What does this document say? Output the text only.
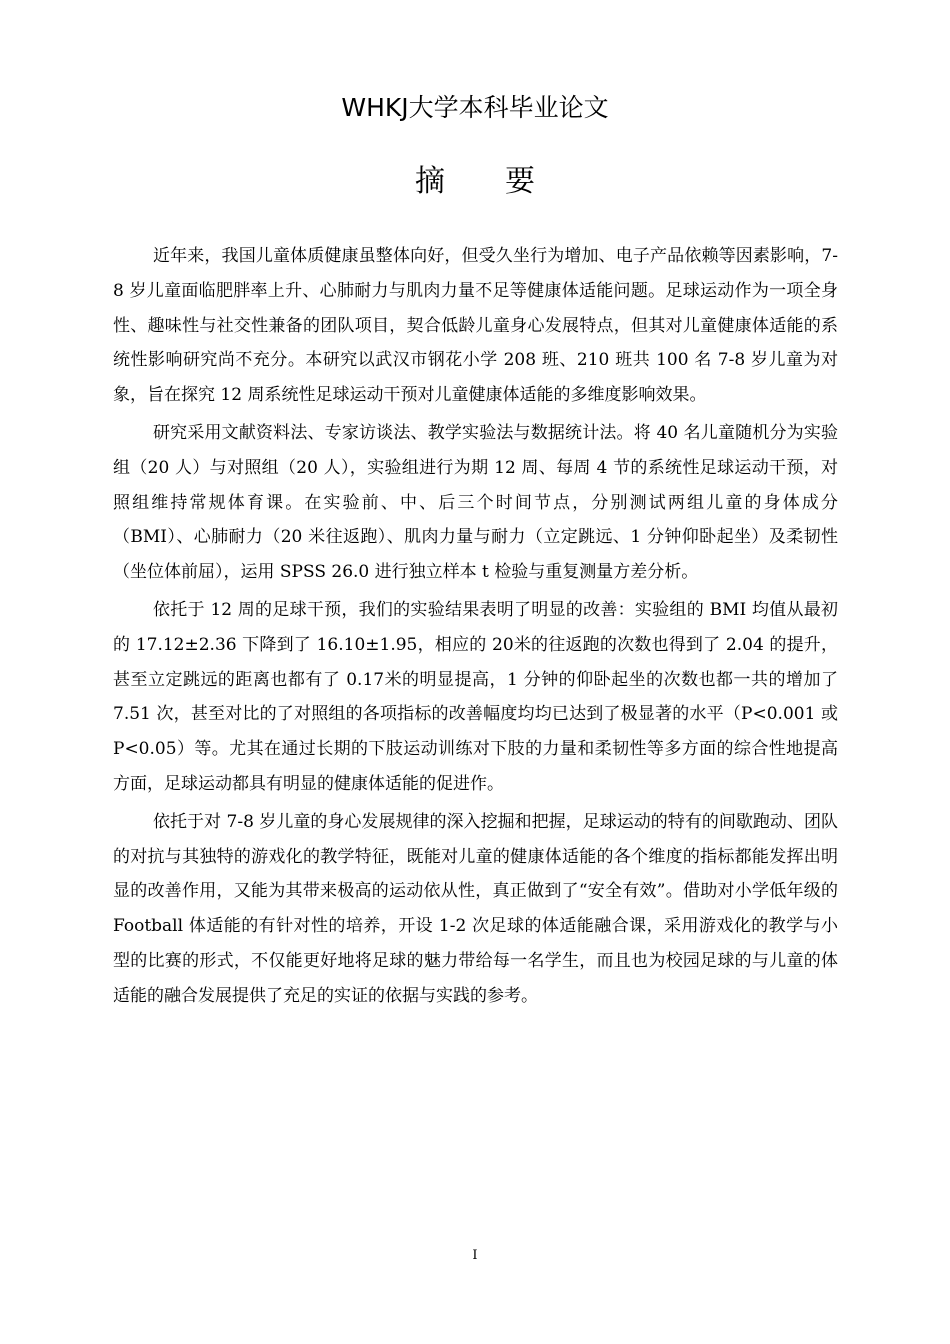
WHKJ大学本科毕业论文
摘要

近年来，我国儿童体质健康虽整体向好，但受久坐行为增加、电子产品依赖等因素影响，7-8 岁儿童面临肥胖率上升、心肺耐力与肌肉力量不足等健康体适能问题。足球运动作为一项全身性、趣味性与社交性兼备的团队项目，契合低龄儿童身心发展特点，但其对儿童健康体适能的系统性影响研究尚不充分。本研究以武汉市钢花小学 208 班、210 班共 100 名 7-8 岁儿童为对象，旨在探究 12 周系统性足球运动干预对儿童健康体适能的多维度影响效果。

研究采用文献资料法、专家访谈法、教学实验法与数据统计法。将 40 名儿童随机分为实验组（20 人）与对照组（20 人），实验组进行为期 12 周、每周 4 节的系统性足球运动干预，对照组维持常规体育课。在实验前、中、后三个时间节点，分别测试两组儿童的身体成分（BMI）、心肺耐力（20 米往返跑）、肌肉力量与耐力（立定跳远、1 分钟仰卧起坐）及柔韧性（坐位体前屈），运用 SPSS 26.0 进行独立样本 t 检验与重复测量方差分析。

依托于 12 周的足球干预，我们的实验结果表明了明显的改善：实验组的 BMI 均值从最初的 17.12±2.36 下降到了 16.10±1.95，相应的 20米的往返跑的次数也得到了 2.04 的提升，甚至立定跳远的距离也都有了 0.17米的明显提高，1 分钟的仰卧起坐的次数也都一共的增加了 7.51 次，甚至对比的了对照组的各项指标的改善幅度均均已达到了极显著的水平（P<0.001 或 P<0.05）等。尤其在通过长期的下肢运动训练对下肢的力量和柔韧性等多方面的综合性地提高方面，足球运动都具有明显的健康体适能的促进作。

依托于对 7-8 岁儿童的身心发展规律的深入挖掘和把握，足球运动的特有的间歇跑动、团队的对抗与其独特的游戏化的教学特征，既能对儿童的健康体适能的各个维度的指标都能发挥出明显的改善作用，又能为其带来极高的运动依从性，真正做到了“安全有效”。借助对小学低年级的 Football 体适能的有针对性的培养，开设 1-2 次足球的体适能融合课，采用游戏化的教学与小型的比赛的形式，不仅能更好地将足球的魅力带给每一名学生，而且也为校园足球的与儿童的体适能的融合发展提供了充足的实证的依据与实践的参考。

I
